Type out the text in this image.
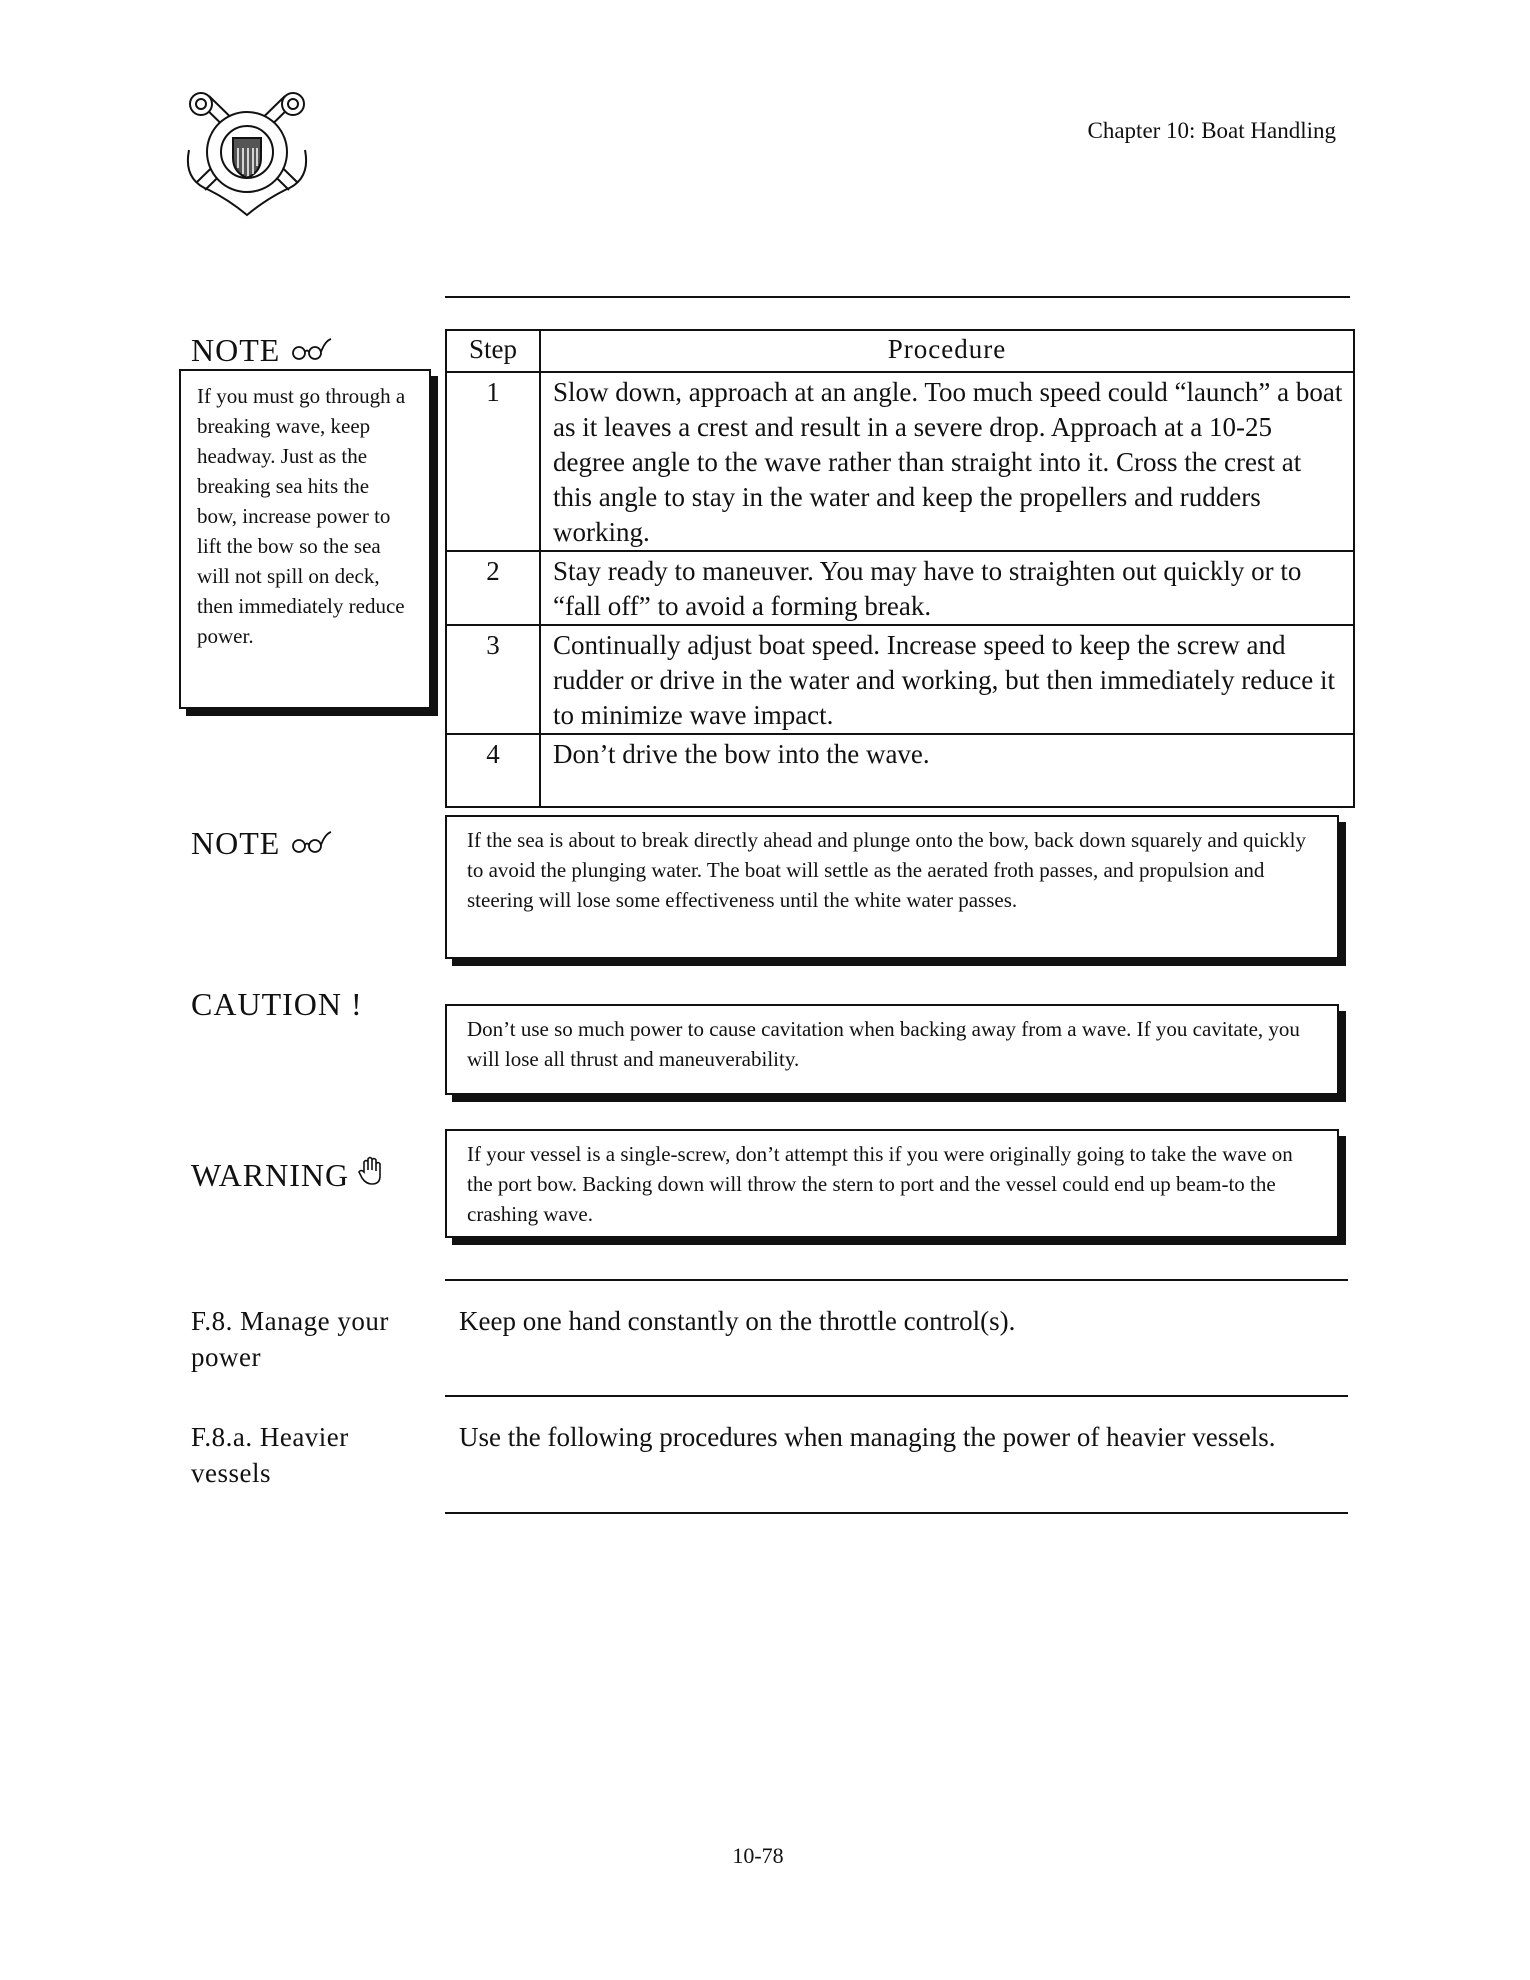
Chapter 10: Boat Handling
NOTE
If you must go through a breaking wave, keep headway. Just as the breaking sea hits the bow, increase power to lift the bow so the sea will not spill on deck, then immediately reduce power.
Step	Procedure
1	Slow down, approach at an angle. Too much speed could “launch” a boat as it leaves a crest and result in a severe drop. Approach at a 10-25 degree angle to the wave rather than straight into it. Cross the crest at this angle to stay in the water and keep the propellers and rudders working.
2	Stay ready to maneuver. You may have to straighten out quickly or to “fall off” to avoid a forming break.
3	Continually adjust boat speed. Increase speed to keep the screw and rudder or drive in the water and working, but then immediately reduce it to minimize wave impact.
4	Don’t drive the bow into the wave.
NOTE	If the sea is about to break directly ahead and plunge onto the bow, back down squarely and quickly to avoid the plunging water. The boat will settle as the aerated froth passes, and propulsion and steering will lose some effectiveness until the white water passes.
CAUTION !
Don’t use so much power to cause cavitation when backing away from a wave. If you cavitate, you will lose all thrust and maneuverability.
WARNING
If your vessel is a single-screw, don’t attempt this if you were originally going to take the wave on the port bow. Backing down will throw the stern to port and the vessel could end up beam-to the crashing wave.
F.8. Manage your power
Keep one hand constantly on the throttle control(s).
F.8.a. Heavier vessels
Use the following procedures when managing the power of heavier vessels.
10-78
